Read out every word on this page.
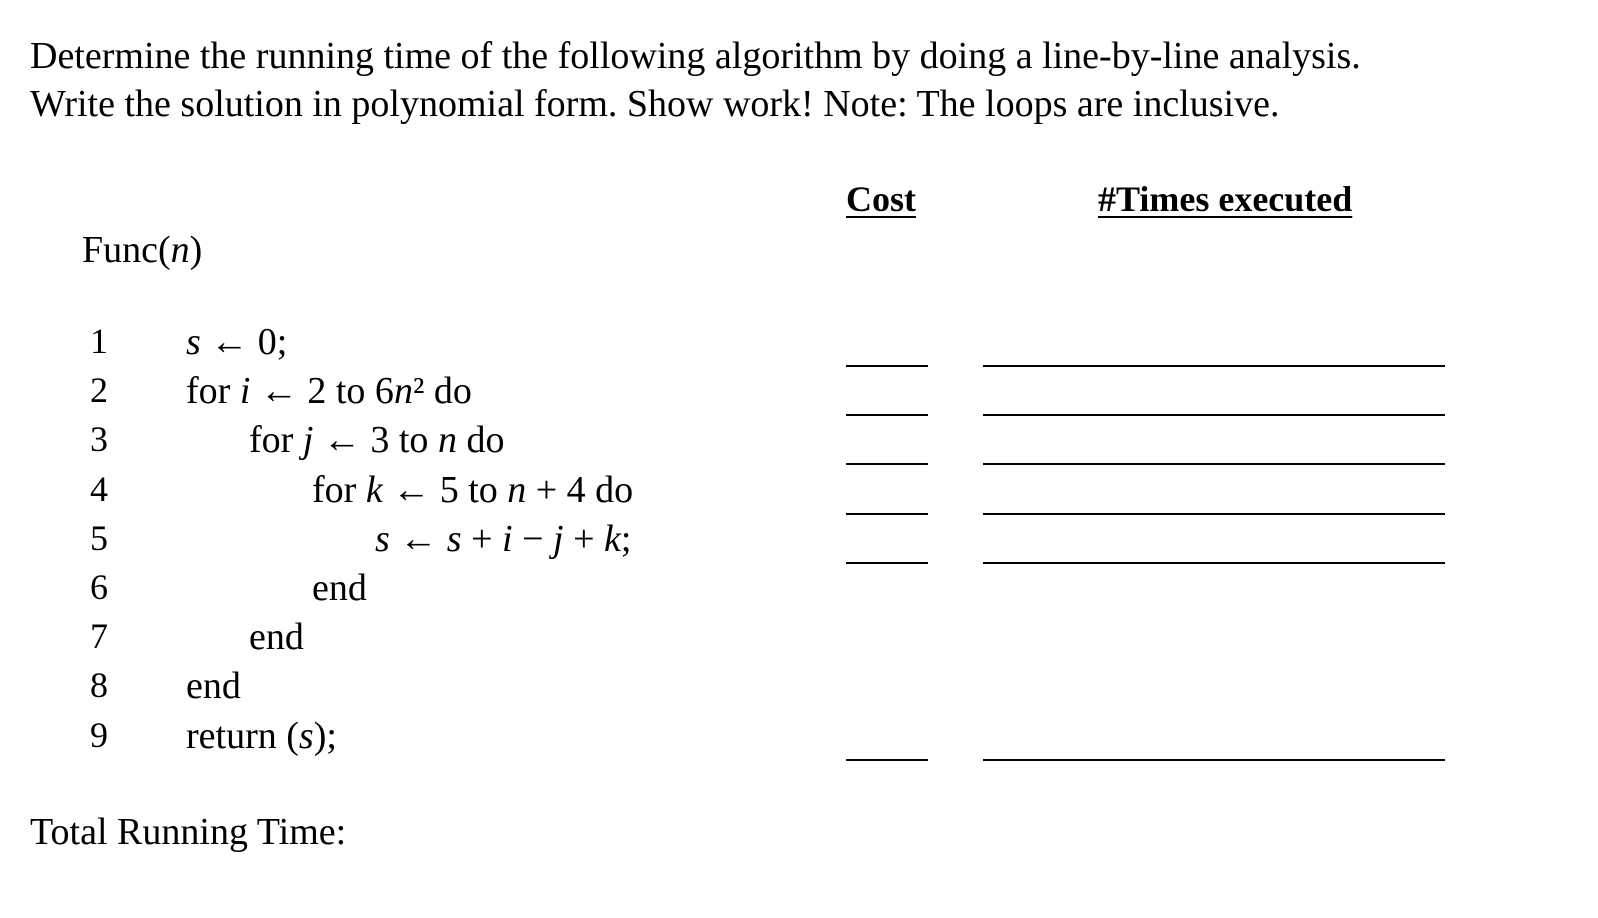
Determine the running time of the following algorithm by doing a line-by-line analysis.
Write the solution in polynomial form. Show work! Note: The loops are inclusive.
Cost	#Times executed
Func(n)
1 s ← 0;
2 for i ← 2 to 6n² do
3	for j ← 3 to n do
4	for k ← 5 to n + 4 do
5	s ← s + i − j + k;
6	end
7	end
8 end
9 return (s);
Total Running Time:
